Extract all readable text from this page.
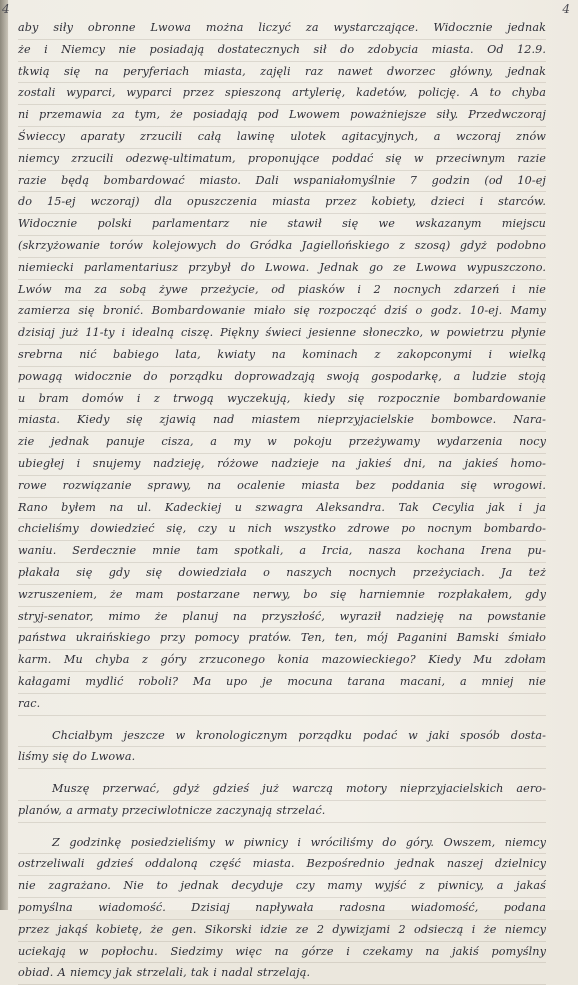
4	4
aby siły obronne Lwowa można liczyć za wystarczające. Widocznie jednak
że i Niemcy nie posiadają dostatecznych sił do zdobycia miasta. Od 12.9.
tkwią się na peryferiach miasta, zajęli raz nawet dworzec główny, jednak
zostali wyparci, wyparci przez spieszoną artylerię, kadetów, policję. A to chyba
ni przemawia za tym, że posiadają pod Lwowem poważniejsze siły. Przedwczoraj
Świeccy aparaty zrzucili całą lawinę ulotek agitacyjnych, a wczoraj znów
niemcy zrzucili odezwę-ultimatum, proponujące poddać się w przeciwnym razie
razie będą bombardować miasto. Dali wspaniałomyślnie 7 godzin (od 10-ej
do 15-ej wczoraj) dla opuszczenia miasta przez kobiety, dzieci i starców.
Widocznie polski parlamentarz nie stawił się we wskazanym miejscu
(skrzyżowanie torów kolejowych do Gródka Jagiellońskiego z szosą) gdyż podobno
niemiecki parlamentariusz przybył do Lwowa. Jednak go ze Lwowa wypuszczono.
Lwów ma za sobą żywe przeżycie, od piasków i 2 nocnych zdarzeń i nie
zamierza się bronić. Bombardowanie miało się rozpocząć dziś o godz. 10-ej. Mamy
dzisiaj już 11-ty i idealną ciszę. Piękny świeci jesienne słoneczko, w powietrzu płynie
srebrna nić babiego lata, kwiaty na kominach z zakopconymi i wielką
powagą widocznie do porządku doprowadzają swoją gospodarkę, a ludzie stoją
u bram domów i z trwogą wyczekują, kiedy się rozpocznie bombardowanie
miasta. Kiedy się zjawią nad miastem nieprzyjacielskie bombowce. Nara-
zie jednak panuje cisza, a my w pokoju przeżywamy wydarzenia nocy
ubiegłej i snujemy nadzieję, różowe nadzieje na jakieś dni, na jakieś homo-
rowe rozwiązanie sprawy, na ocalenie miasta bez poddania się wrogowi.
Rano byłem na ul. Kadeckiej u szwagra Aleksandra. Tak Cecylia jak i ja
chcieliśmy dowiedzieć się, czy u nich wszystko zdrowe po nocnym bombardo-
waniu. Serdecznie mnie tam spotkali, a Ircia, nasza kochana Irena pu-
płakała się gdy się dowiedziała o naszych nocnych przeżyciach. Ja też
wzruszeniem, że mam postarzane nerwy, bo się harniemnie rozpłakałem, gdy
stryj-senator, mimo że planuj na przyszłość, wyraził nadzieję na powstanie
państwa ukraińskiego przy pomocy pratów. Ten, ten, mój Paganini Bamski śmiało
karm. Mu chyba z góry zrzuconego konia mazowieckiego? Kiedy Mu zdołam
kałagami mydlić roboli? Ma upo je mocuna tarana macani, a mniej nie
rac.
Chciałbym jeszcze w kronologicznym porządku podać w jaki sposób dosta-
liśmy się do Lwowa.
Muszę przerwać, gdyż gdzieś już warczą motory nieprzyjacielskich aero-
planów, a armaty przeciwlotnicze zaczynają strzelać.
Z godzinkę posiedzieliśmy w piwnicy i wróciliśmy do góry. Owszem, niemcy
ostrzeliwali gdzieś oddaloną część miasta. Bezpośrednio jednak naszej dzielnicy
nie zagrażano. Nie to jednak decyduje czy mamy wyjść z piwnicy, a jakaś
pomyślna wiadomość. Dzisiaj napływała radosna wiadomość, podana
przez jakąś kobietę, że gen. Sikorski idzie ze 2 dywizjami 2 odsieczą i że niemcy
uciekają w popłochu. Siedzimy więc na górze i czekamy na jakiś pomyślny
obiad. A niemcy jak strzelali, tak i nadal strzelają.
